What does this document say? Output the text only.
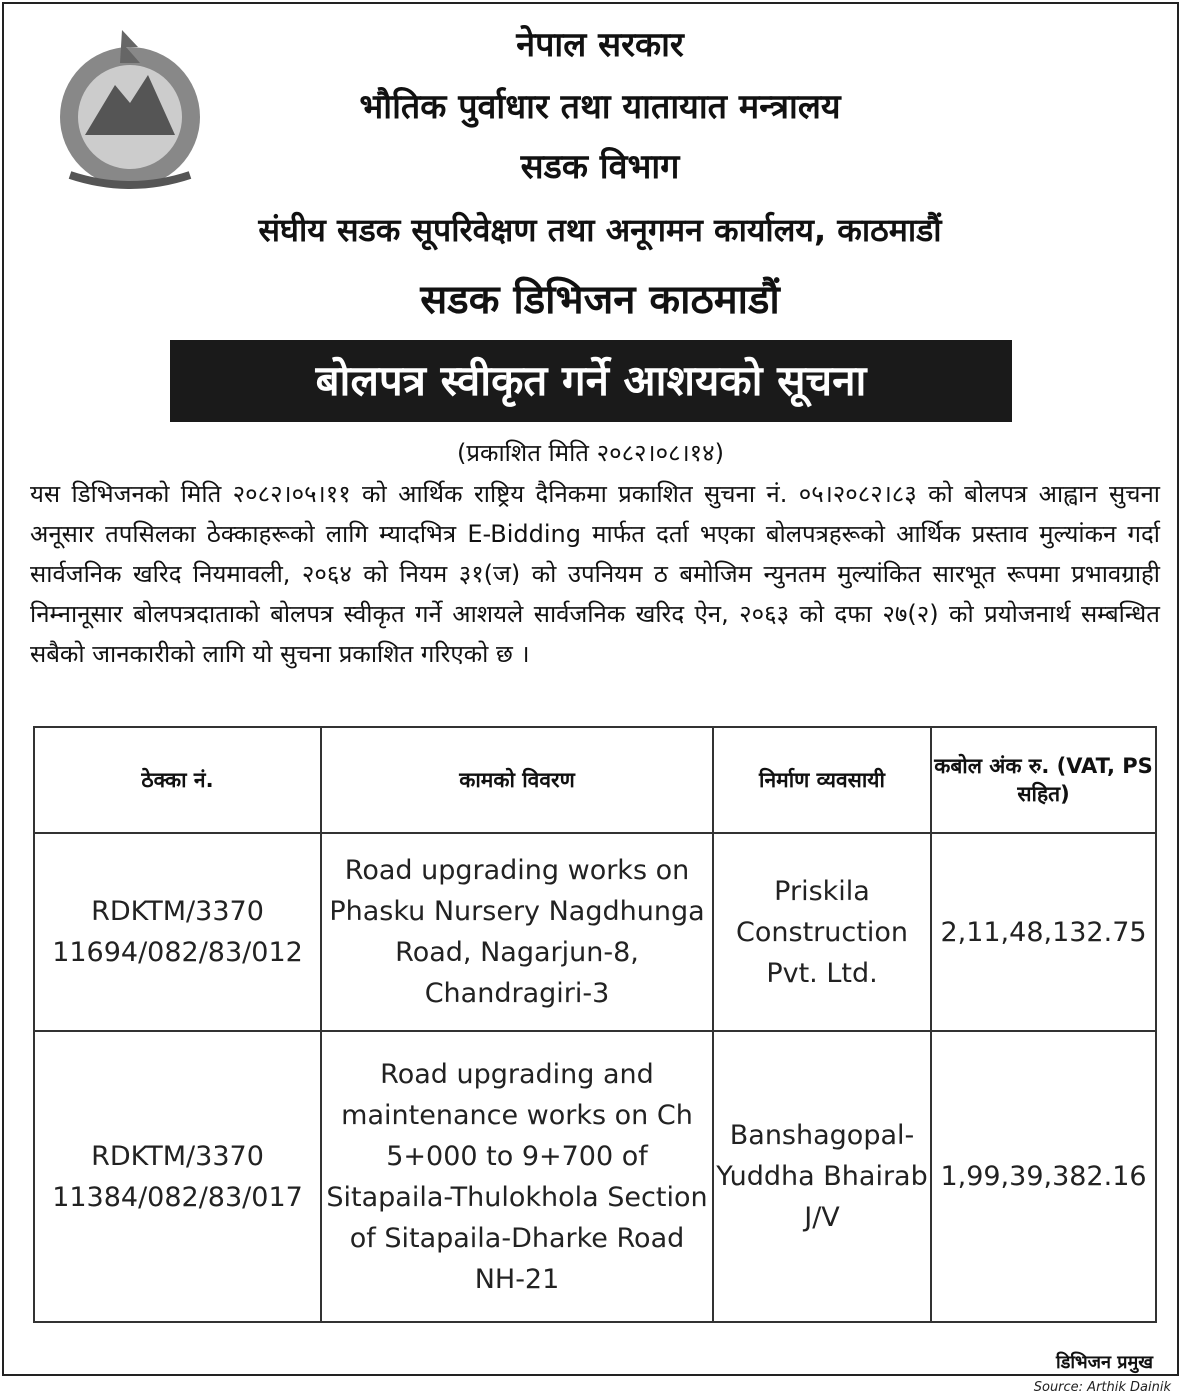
नेपाल सरकार
भौतिक पुर्वाधार तथा यातायात मन्त्रालय
सडक विभाग
संघीय सडक सूपरिवेक्षण तथा अनूगमन कार्यालय, काठमाडौं
सडक डिभिजन काठमाडौं
बोलपत्र स्वीकृत गर्ने आशयको सूचना
(प्रकाशित मिति २०८२।०८।१४)
यस डिभिजनको मिति २०८२।०५।११ को आर्थिक राष्ट्रिय दैनिकमा प्रकाशित सुचना नं. ०५।२०८२।८३ को बोलपत्र आह्वान सुचना अनूसार तपसिलका ठेक्काहरूको लागि म्यादभित्र E-Bidding मार्फत दर्ता भएका बोलपत्रहरूको आर्थिक प्रस्ताव मुल्यांकन गर्दा सार्वजनिक खरिद नियमावली, २०६४ को नियम ३१(ज) को उपनियम ठ बमोजिम न्युनतम मुल्यांकित सारभूत रूपमा प्रभावग्राही निम्नानूसार बोलपत्रदाताको बोलपत्र स्वीकृत गर्ने आशयले सार्वजनिक खरिद ऐन, २०६३ को दफा २७(२) को प्रयोजनार्थ सम्बन्धित सबैको जानकारीको लागि यो सुचना प्रकाशित गरिएको छ ।
ठेक्का नं.	कामको विवरण	निर्माण व्यवसायी	कबोल अंक रु. (VAT, PS सहित)
RDKTM/3370 11694/082/83/012	Road upgrading works on Phasku Nursery Nagdhunga Road, Nagarjun-8, Chandragiri-3	Priskila Construction Pvt. Ltd.	2,11,48,132.75
RDKTM/3370 11384/082/83/017	Road upgrading and maintenance works on Ch 5+000 to 9+700 of Sitapaila-Thulokhola Section of Sitapaila-Dharke Road NH-21	Banshagopal-Yuddha Bhairab J/V	1,99,39,382.16
डिभिजन प्रमुख
Source: Arthik Dainik
